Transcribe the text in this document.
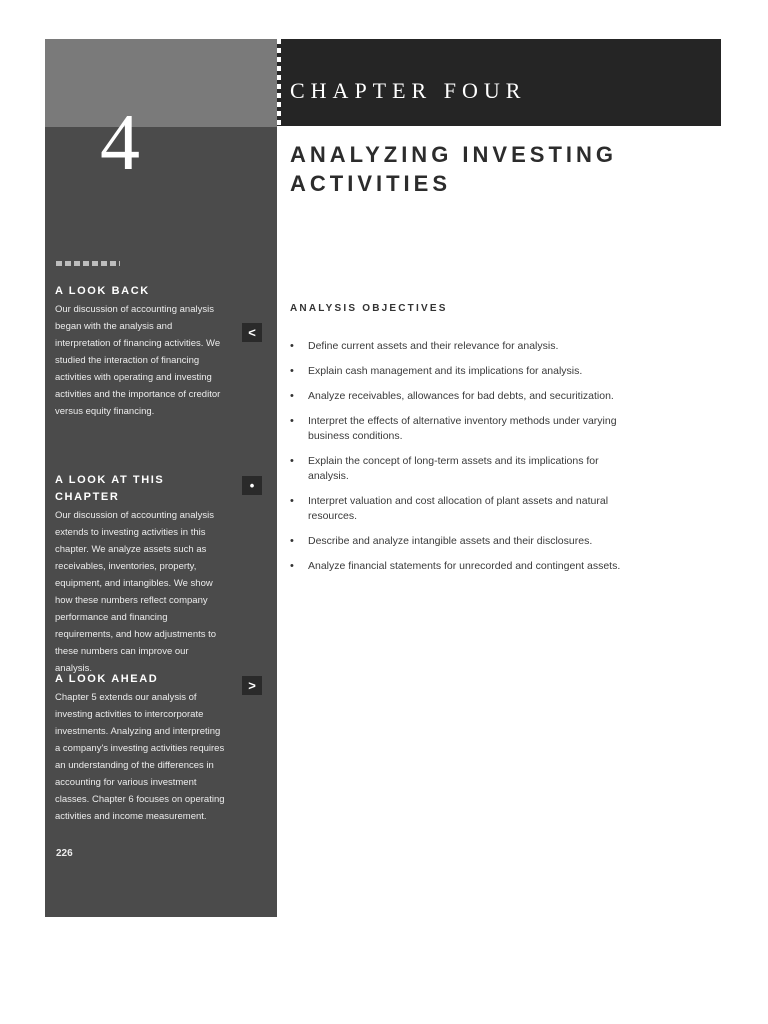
4
A LOOK BACK
Our discussion of accounting analysis began with the analysis and interpretation of financing activities. We studied the interaction of financing activities with operating and investing activities and the importance of creditor versus equity financing.
<
A LOOK AT THIS CHAPTER
Our discussion of accounting analysis extends to investing activities in this chapter. We analyze assets such as receivables, inventories, property, equipment, and intangibles. We show how these numbers reflect company performance and financing requirements, and how adjustments to these numbers can improve our analysis.
•
A LOOK AHEAD
Chapter 5 extends our analysis of investing activities to intercorporate investments. Analyzing and interpreting a company's investing activities requires an understanding of the differences in accounting for various investment classes. Chapter 6 focuses on operating activities and income measurement.
>
226
CHAPTER FOUR
ANALYZING INVESTING ACTIVITIES
ANALYSIS OBJECTIVES
• Define current assets and their relevance for analysis.
• Explain cash management and its implications for analysis.
• Analyze receivables, allowances for bad debts, and securitization.
• Interpret the effects of alternative inventory methods under varying business conditions.
• Explain the concept of long-term assets and its implications for analysis.
• Interpret valuation and cost allocation of plant assets and natural resources.
• Describe and analyze intangible assets and their disclosures.
• Analyze financial statements for unrecorded and contingent assets.
